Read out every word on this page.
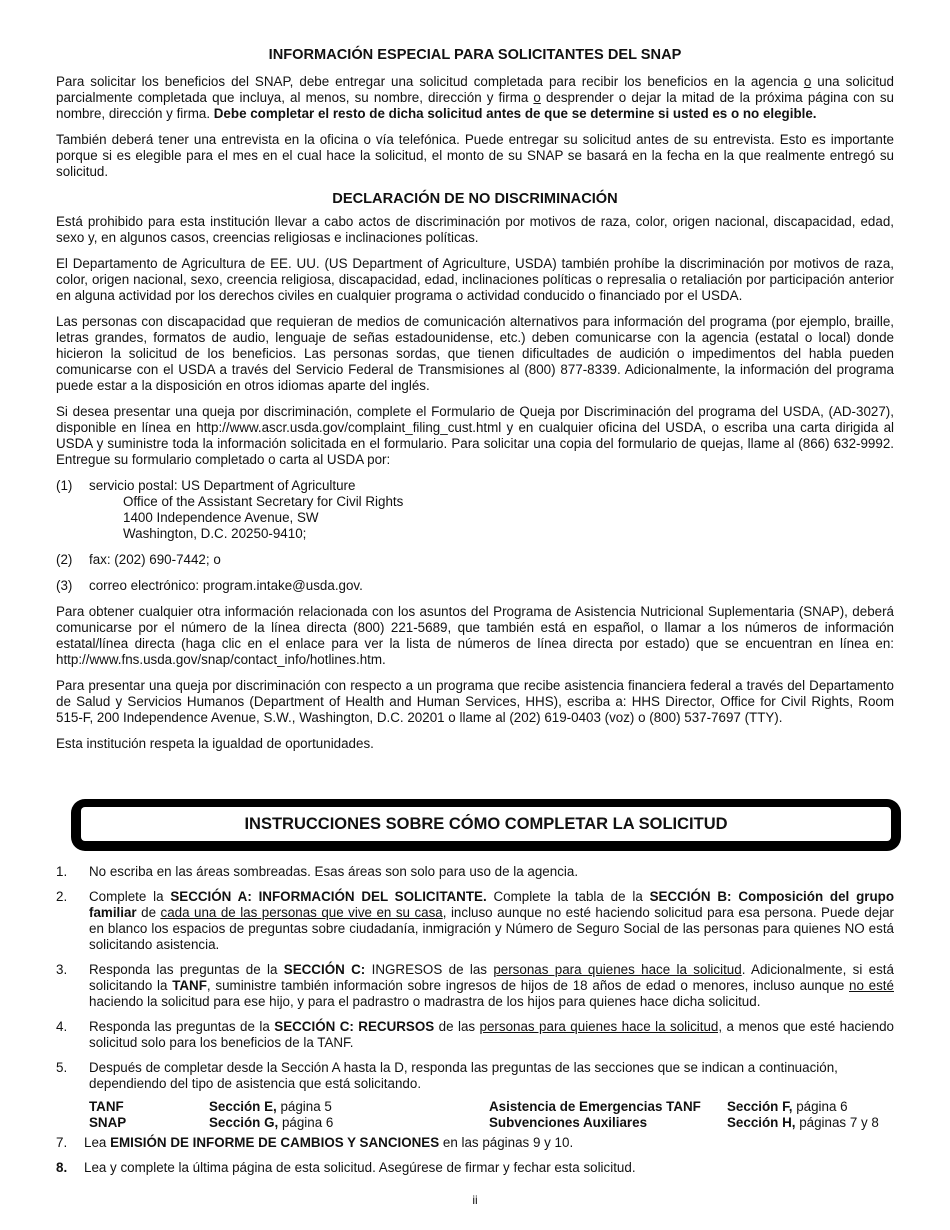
INFORMACIÓN ESPECIAL PARA SOLICITANTES DEL SNAP

Para solicitar los beneficios del SNAP, debe entregar una solicitud completada para recibir los beneficios en la agencia o una solicitud parcialmente completada que incluya, al menos, su nombre, dirección y firma o desprender o dejar la mitad de la próxima página con su nombre, dirección y firma. Debe completar el resto de dicha solicitud antes de que se determine si usted es o no elegible.

También deberá tener una entrevista en la oficina o vía telefónica. Puede entregar su solicitud antes de su entrevista. Esto es importante porque si es elegible para el mes en el cual hace la solicitud, el monto de su SNAP se basará en la fecha en la que realmente entregó su solicitud.

DECLARACIÓN DE NO DISCRIMINACIÓN

Está prohibido para esta institución llevar a cabo actos de discriminación por motivos de raza, color, origen nacional, discapacidad, edad, sexo y, en algunos casos, creencias religiosas e inclinaciones políticas.

El Departamento de Agricultura de EE. UU. (US Department of Agriculture, USDA) también prohíbe la discriminación por motivos de raza, color, origen nacional, sexo, creencia religiosa, discapacidad, edad, inclinaciones políticas o represalia o retaliación por participación anterior en alguna actividad por los derechos civiles en cualquier programa o actividad conducido o financiado por el USDA.

Las personas con discapacidad que requieran de medios de comunicación alternativos para información del programa (por ejemplo, braille, letras grandes, formatos de audio, lenguaje de señas estadounidense, etc.) deben comunicarse con la agencia (estatal o local) donde hicieron la solicitud de los beneficios. Las personas sordas, que tienen dificultades de audición o impedimentos del habla pueden comunicarse con el USDA a través del Servicio Federal de Transmisiones al (800) 877-8339. Adicionalmente, la información del programa puede estar a la disposición en otros idiomas aparte del inglés.

Si desea presentar una queja por discriminación, complete el Formulario de Queja por Discriminación del programa del USDA, (AD-3027), disponible en línea en http://www.ascr.usda.gov/complaint_filing_cust.html y en cualquier oficina del USDA, o escriba una carta dirigida al USDA y suministre toda la información solicitada en el formulario. Para solicitar una copia del formulario de quejas, llame al (866) 632-9992. Entregue su formulario completado o carta al USDA por:

(1)	servicio postal: US Department of Agriculture
Office of the Assistant Secretary for Civil Rights
1400 Independence Avenue, SW
Washington, D.C. 20250-9410;
(2)	fax: (202) 690-7442; o
(3)	correo electrónico: program.intake@usda.gov.

Para obtener cualquier otra información relacionada con los asuntos del Programa de Asistencia Nutricional Suplementaria (SNAP), deberá comunicarse por el número de la línea directa (800) 221-5689, que también está en español, o llamar a los números de información estatal/línea directa (haga clic en el enlace para ver la lista de números de línea directa por estado) que se encuentran en línea en: http://www.fns.usda.gov/snap/contact_info/hotlines.htm.

Para presentar una queja por discriminación con respecto a un programa que recibe asistencia financiera federal a través del Departamento de Salud y Servicios Humanos (Department of Health and Human Services, HHS), escriba a: HHS Director, Office for Civil Rights, Room 515-F, 200 Independence Avenue, S.W., Washington, D.C. 20201 o llame al (202) 619-0403 (voz) o (800) 537-7697 (TTY).

Esta institución respeta la igualdad de oportunidades.

INSTRUCCIONES SOBRE CÓMO COMPLETAR LA SOLICITUD
1.	No escriba en las áreas sombreadas. Esas áreas son solo para uso de la agencia.
2.	Complete la SECCIÓN A: INFORMACIÓN DEL SOLICITANTE. Complete la tabla de la SECCIÓN B: Composición del grupo familiar de cada una de las personas que vive en su casa, incluso aunque no esté haciendo solicitud para esa persona. Puede dejar en blanco los espacios de preguntas sobre ciudadanía, inmigración y Número de Seguro Social de las personas para quienes NO está solicitando asistencia.
3.	Responda las preguntas de la SECCIÓN C: INGRESOS de las personas para quienes hace la solicitud. Adicionalmente, si está solicitando la TANF, suministre también información sobre ingresos de hijos de 18 años de edad o menores, incluso aunque no esté haciendo la solicitud para ese hijo, y para el padrastro o madrastra de los hijos para quienes hace dicha solicitud.
4.	Responda las preguntas de la SECCIÓN C: RECURSOS de las personas para quienes hace la solicitud, a menos que esté haciendo solicitud solo para los beneficios de la TANF.
5.	Después de completar desde la Sección A hasta la D, responda las preguntas de las secciones que se indican a continuación, dependiendo del tipo de asistencia que está solicitando.
TANF	Sección E, página 5	Asistencia de Emergencias TANF	Sección F, página 6
SNAP	Sección G, página 6	Subvenciones Auxiliares	Sección H, páginas 7 y 8
7.	Lea EMISIÓN DE INFORME DE CAMBIOS Y SANCIONES en las páginas 9 y 10.
8.	Lea y complete la última página de esta solicitud. Asegúrese de firmar y fechar esta solicitud.
ii
